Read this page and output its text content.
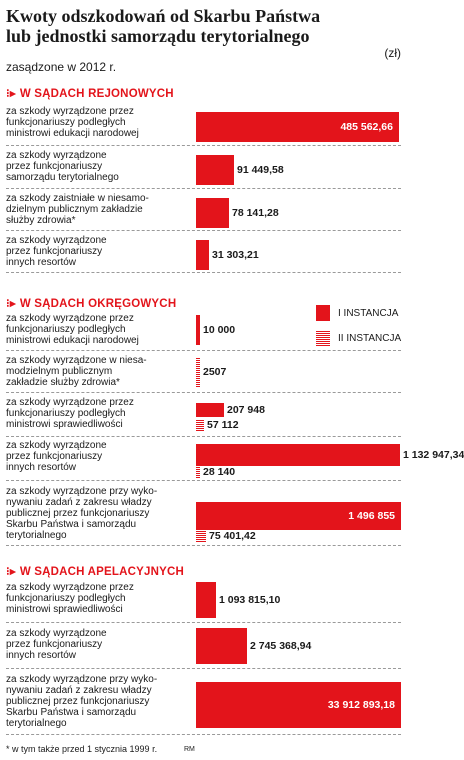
Kwoty odszkodowań od Skarbu Państwa lub jednostki samorządu terytorialnego
(zł)
zasądzone w 2012 r.
⁝▸ W SĄDACH REJONOWYCH
za szkody wyrządzone przez
funkcjonariuszy podległych
ministrowi edukacji narodowej
za szkody wyrządzone
przez funkcjonariuszy
samorządu terytorialnego
za szkody zaistniałe w niesamo-
dzielnym publicznym zakładzie
służby zdrowia*
za szkody wyrządzone
przez funkcjonariuszy
innych resortów
⁝▸ W SĄDACH OKRĘGOWYCH
I INSTANCJA
II INSTANCJA
za szkody wyrządzone przez
funkcjonariuszy podległych
ministrowi edukacji narodowej
za szkody wyrządzone w niesa-
modzielnym publicznym
zakładzie służby zdrowia*
za szkody wyrządzone przez
funkcjonariuszy podległych
ministrowi sprawiedliwości
za szkody wyrządzone
przez funkcjonariuszy
innych resortów
za szkody wyrządzone przy wyko-
nywaniu zadań z zakresu władzy
publicznej przez funkcjonariuszy
Skarbu Państwa i samorządu
terytorialnego
⁝▸ W SĄDACH APELACYJNYCH
za szkody wyrządzone przez
funkcjonariuszy podległych
ministrowi sprawiedliwości
za szkody wyrządzone
przez funkcjonariuszy
innych resortów
za szkody wyrządzone przy wyko-
nywaniu zadań z zakresu władzy
publicznej przez funkcjonariuszy
Skarbu Państwa i samorządu
terytorialnego
* w tym także przed 1 stycznia 1999 r.	RM
485 562,66
91 449,58
78 141,28
31 303,21
10 000
2507
207 948
57 112
1 132 947,34
28 140
1 496 855
75 401,42
1 093 815,10
2 745 368,94
33 912 893,18
